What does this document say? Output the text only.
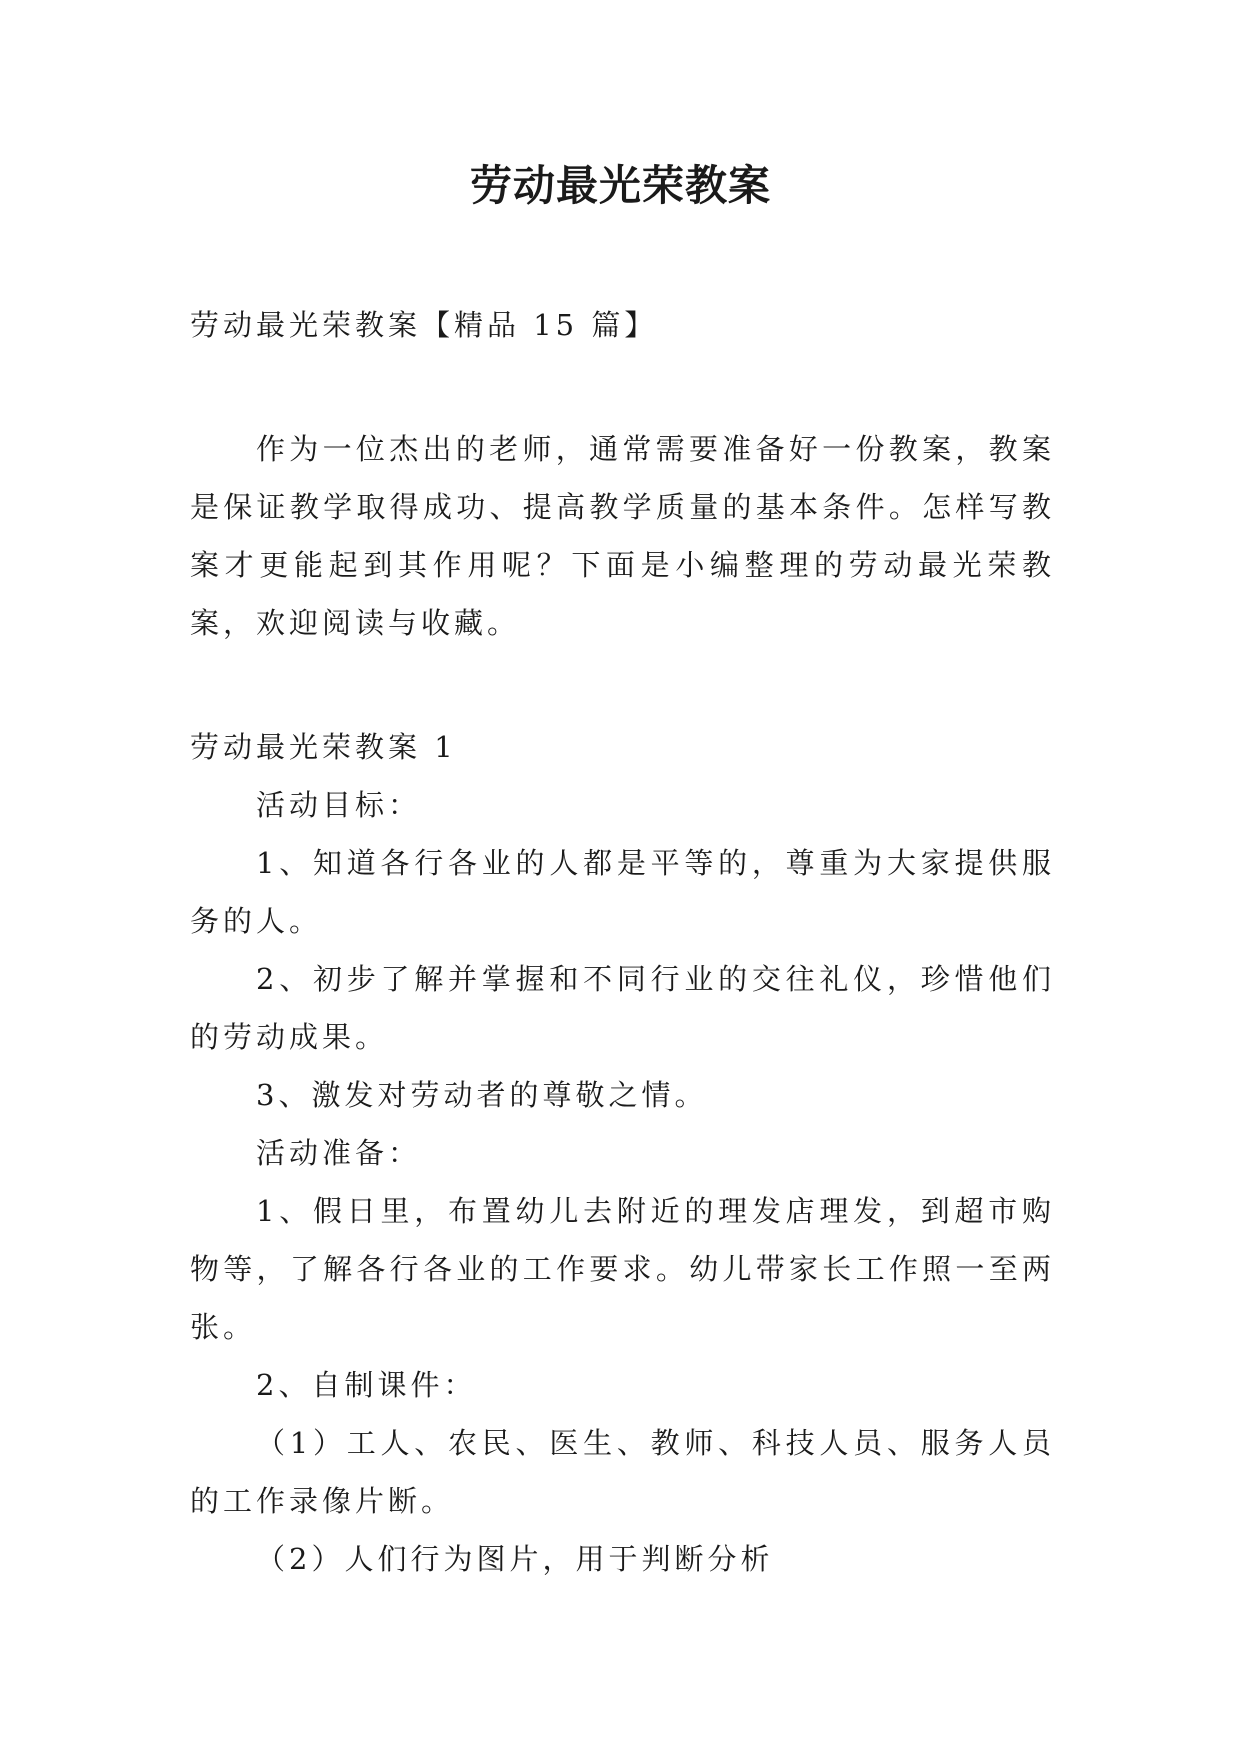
劳动最光荣教案

劳动最光荣教案【精品 15 篇】

作为一位杰出的老师，通常需要准备好一份教案，教案是保证教学取得成功、提高教学质量的基本条件。怎样写教案才更能起到其作用呢？下面是小编整理的劳动最光荣教案，欢迎阅读与收藏。

劳动最光荣教案 1

活动目标：

1、知道各行各业的人都是平等的，尊重为大家提供服务的人。

2、初步了解并掌握和不同行业的交往礼仪，珍惜他们的劳动成果。

3、激发对劳动者的尊敬之情。

活动准备：

1、假日里，布置幼儿去附近的理发店理发，到超市购物等，了解各行各业的工作要求。幼儿带家长工作照一至两张。

2、自制课件：

（1）工人、农民、医生、教师、科技人员、服务人员的工作录像片断。

（2）人们行为图片，用于判断分析
